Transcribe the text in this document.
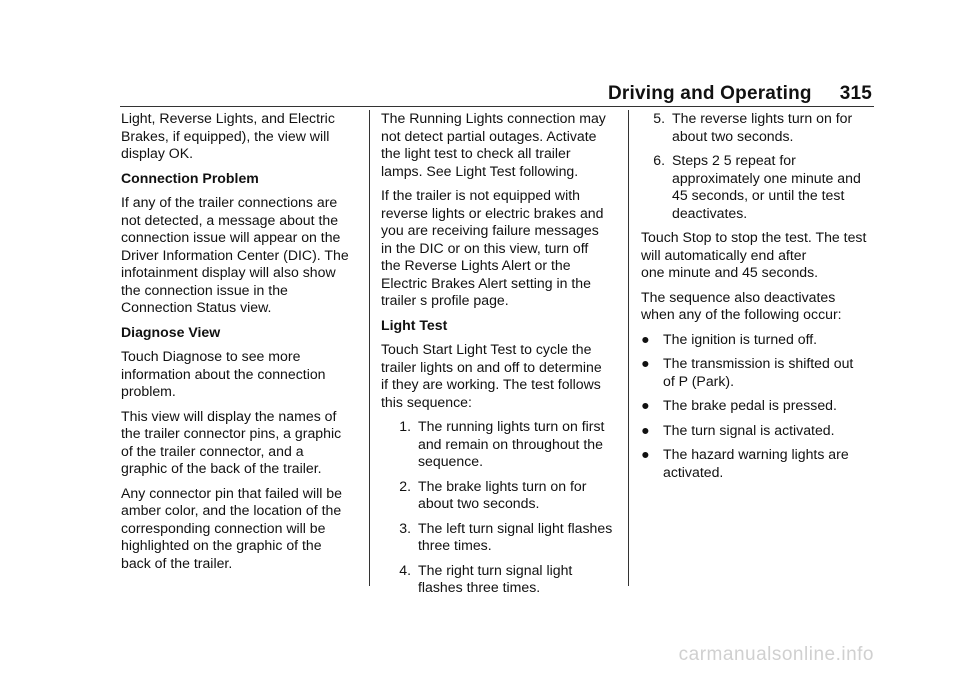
Driving and Operating 315

Light, Reverse Lights, and Electric
Brakes, if equipped), the view will
display OK.

Connection Problem

If any of the trailer connections are
not detected, a message about the
connection issue will appear on the
Driver Information Center (DIC). The
infotainment display will also show
the connection issue in the
Connection Status view.

Diagnose View

Touch Diagnose to see more
information about the connection
problem.

This view will display the names of
the trailer connector pins, a graphic
of the trailer connector, and a
graphic of the back of the trailer.

Any connector pin that failed will be
amber color, and the location of the
corresponding connection will be
highlighted on the graphic of the
back of the trailer.

The Running Lights connection may
not detect partial outages. Activate
the light test to check all trailer
lamps. See Light Test following.

If the trailer is not equipped with
reverse lights or electric brakes and
you are receiving failure messages
in the DIC or on this view, turn off
the Reverse Lights Alert or the
Electric Brakes Alert setting in the
trailer s profile page.

Light Test

Touch Start Light Test to cycle the
trailer lights on and off to determine
if they are working. The test follows
this sequence:

1. The running lights turn on first
and remain on throughout the
sequence.
2. The brake lights turn on for
about two seconds.
3. The left turn signal light flashes
three times.
4. The right turn signal light
flashes three times.
5. The reverse lights turn on for
about two seconds.
6. Steps 2 5 repeat for
approximately one minute and
45 seconds, or until the test
deactivates.

Touch Stop to stop the test. The test
will automatically end after
one minute and 45 seconds.

The sequence also deactivates
when any of the following occur:

● The ignition is turned off.
● The transmission is shifted out
of P (Park).
● The brake pedal is pressed.
● The turn signal is activated.
● The hazard warning lights are
activated.
carmanualsonline.info
